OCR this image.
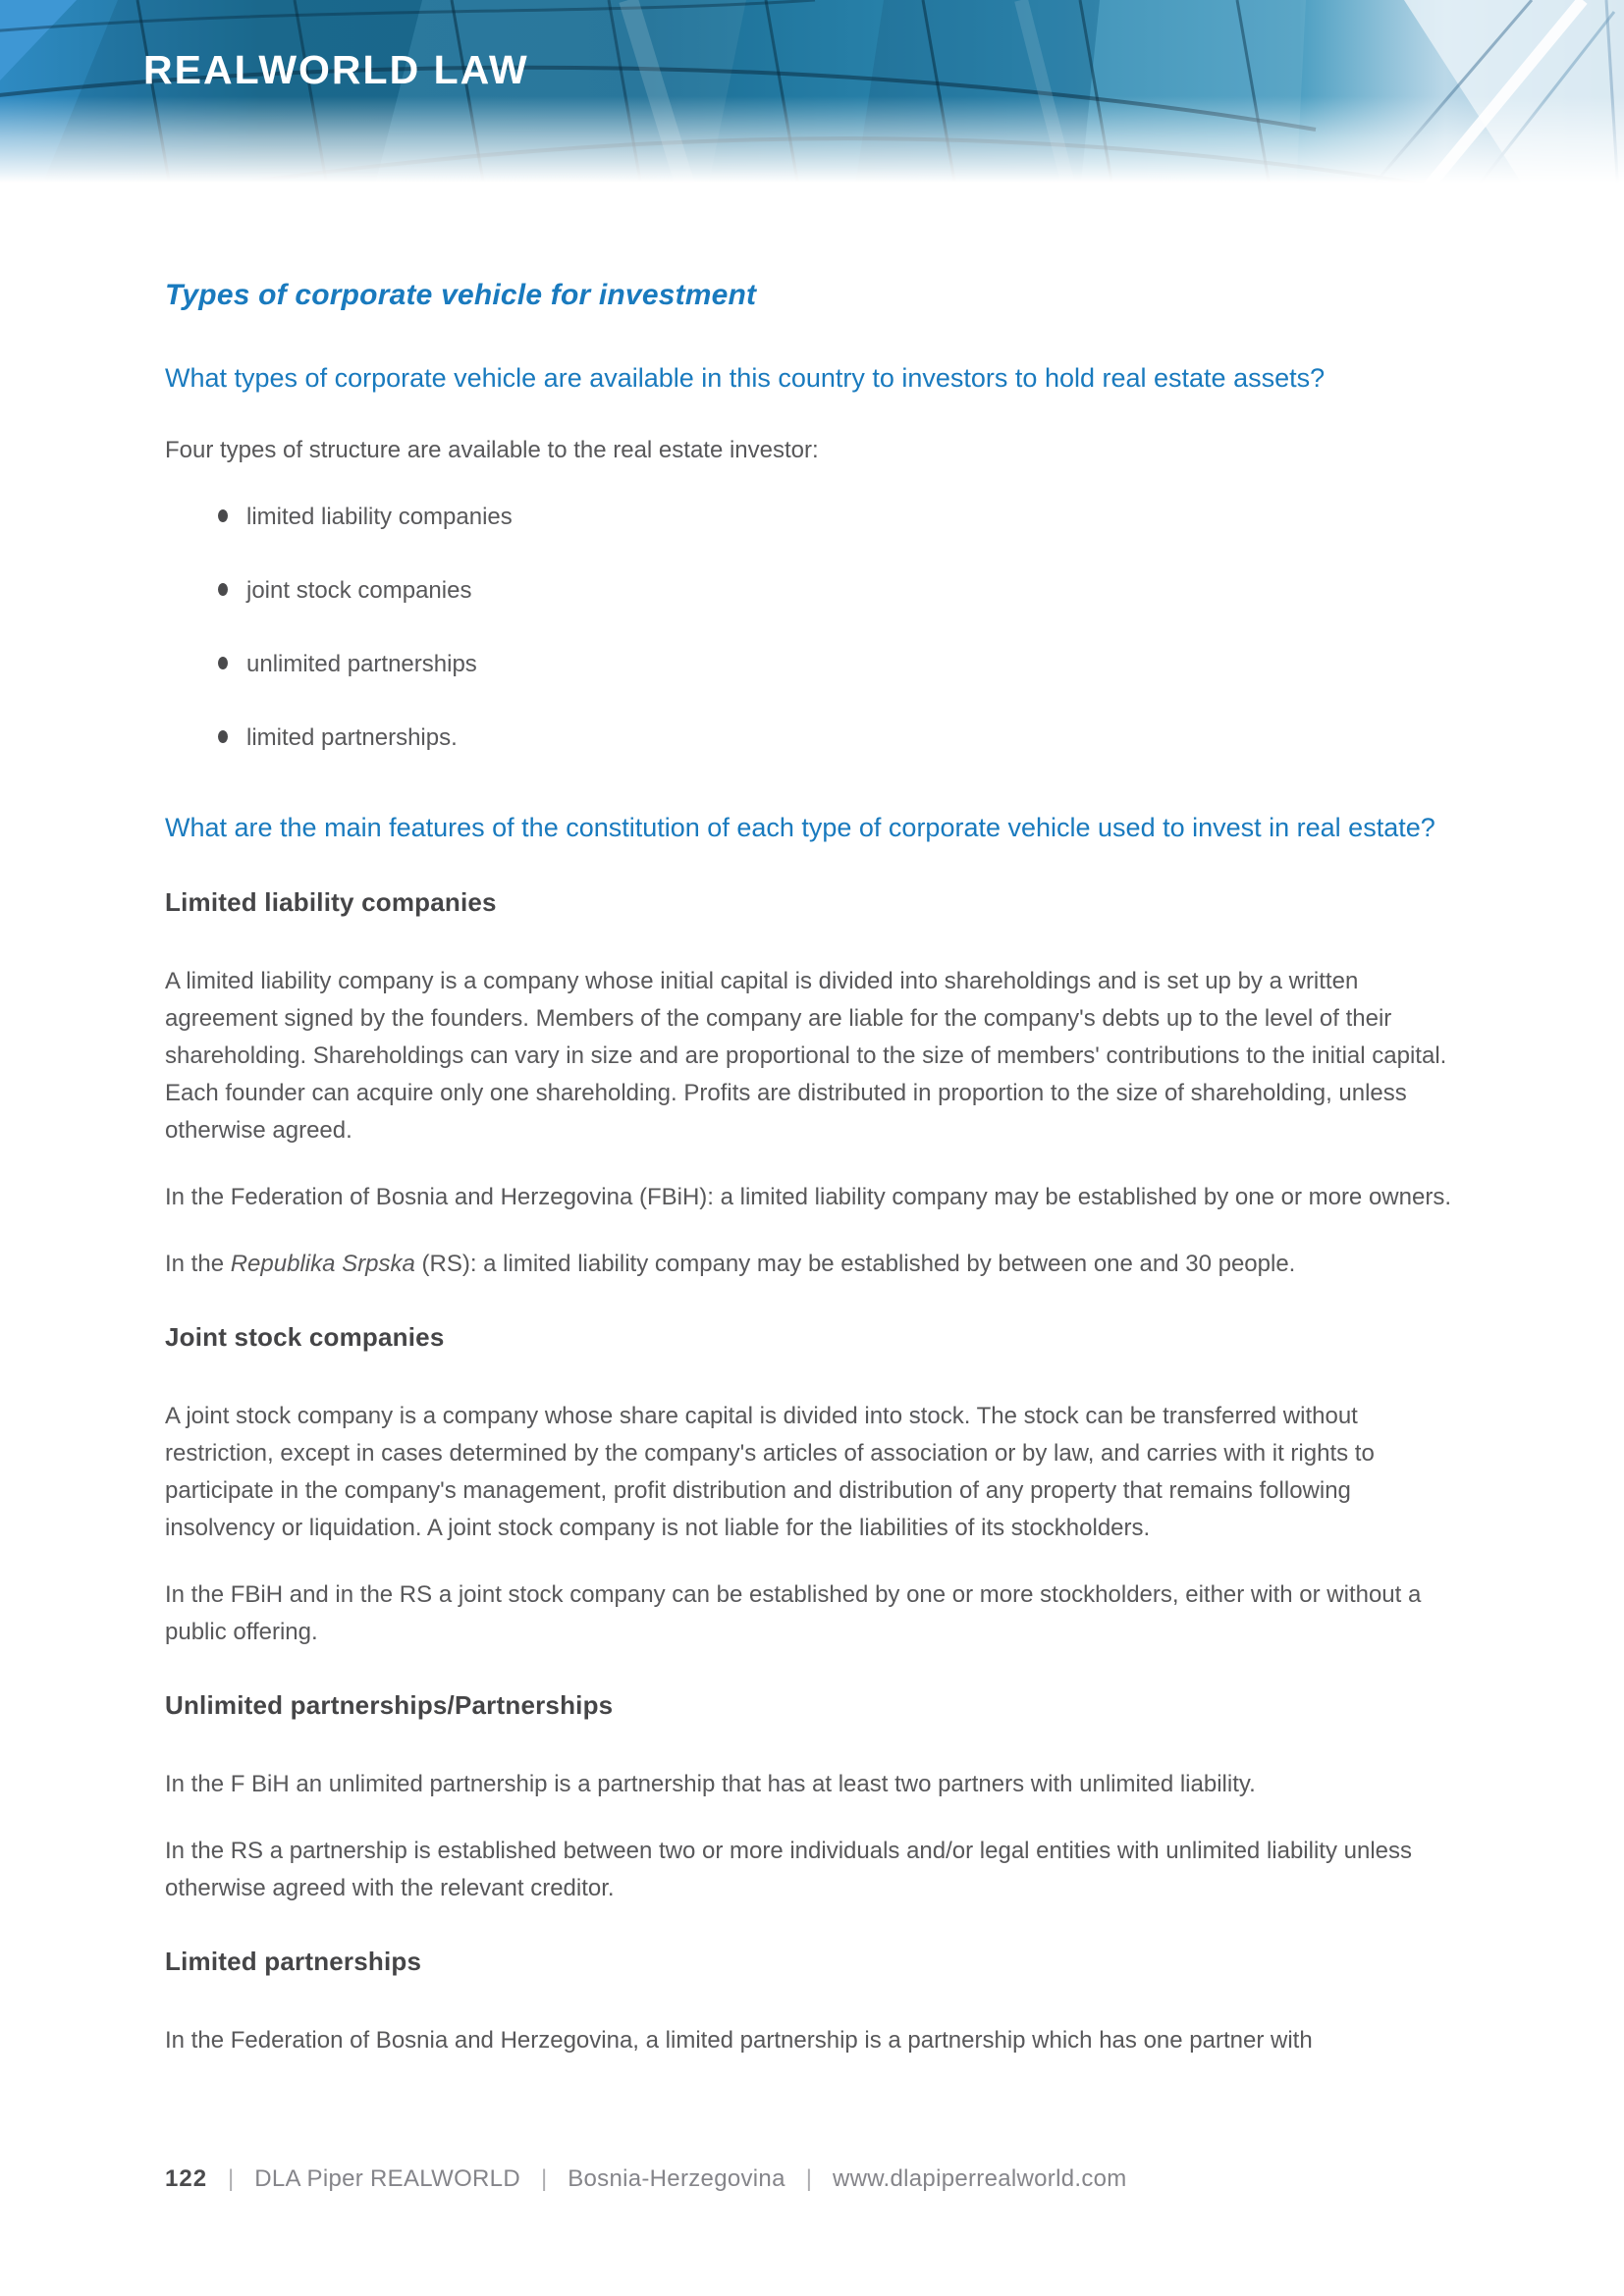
REALWORLD LAW
Types of corporate vehicle for investment
What types of corporate vehicle are available in this country to investors to hold real estate assets?

Four types of structure are available to the real estate investor:

limited liability companies
joint stock companies
unlimited partnerships
limited partnerships.
What are the main features of the constitution of each type of corporate vehicle used to invest in real estate?
Limited liability companies

A limited liability company is a company whose initial capital is divided into shareholdings and is set up by a written agreement signed by the founders. Members of the company are liable for the company's debts up to the level of their shareholding. Shareholdings can vary in size and are proportional to the size of members' contributions to the initial capital. Each founder can acquire only one shareholding. Profits are distributed in proportion to the size of shareholding, unless otherwise agreed.

In the Federation of Bosnia and Herzegovina (FBiH): a limited liability company may be established by one or more owners.

In the Republika Srpska (RS): a limited liability company may be established by between one and 30 people.

Joint stock companies

A joint stock company is a company whose share capital is divided into stock. The stock can be transferred without restriction, except in cases determined by the company's articles of association or by law, and carries with it rights to participate in the company's management, profit distribution and distribution of any property that remains following insolvency or liquidation. A joint stock company is not liable for the liabilities of its stockholders.

In the FBiH and in the RS a joint stock company can be established by one or more stockholders, either with or without a public offering.

Unlimited partnerships/Partnerships

In the F BiH an unlimited partnership is a partnership that has at least two partners with unlimited liability.

In the RS a partnership is established between two or more individuals and/or legal entities with unlimited liability unless otherwise agreed with the relevant creditor.

Limited partnerships

In the Federation of Bosnia and Herzegovina, a limited partnership is a partnership which has one partner with

122 | DLA Piper REALWORLD | Bosnia-Herzegovina | www.dlapiperrealworld.com
